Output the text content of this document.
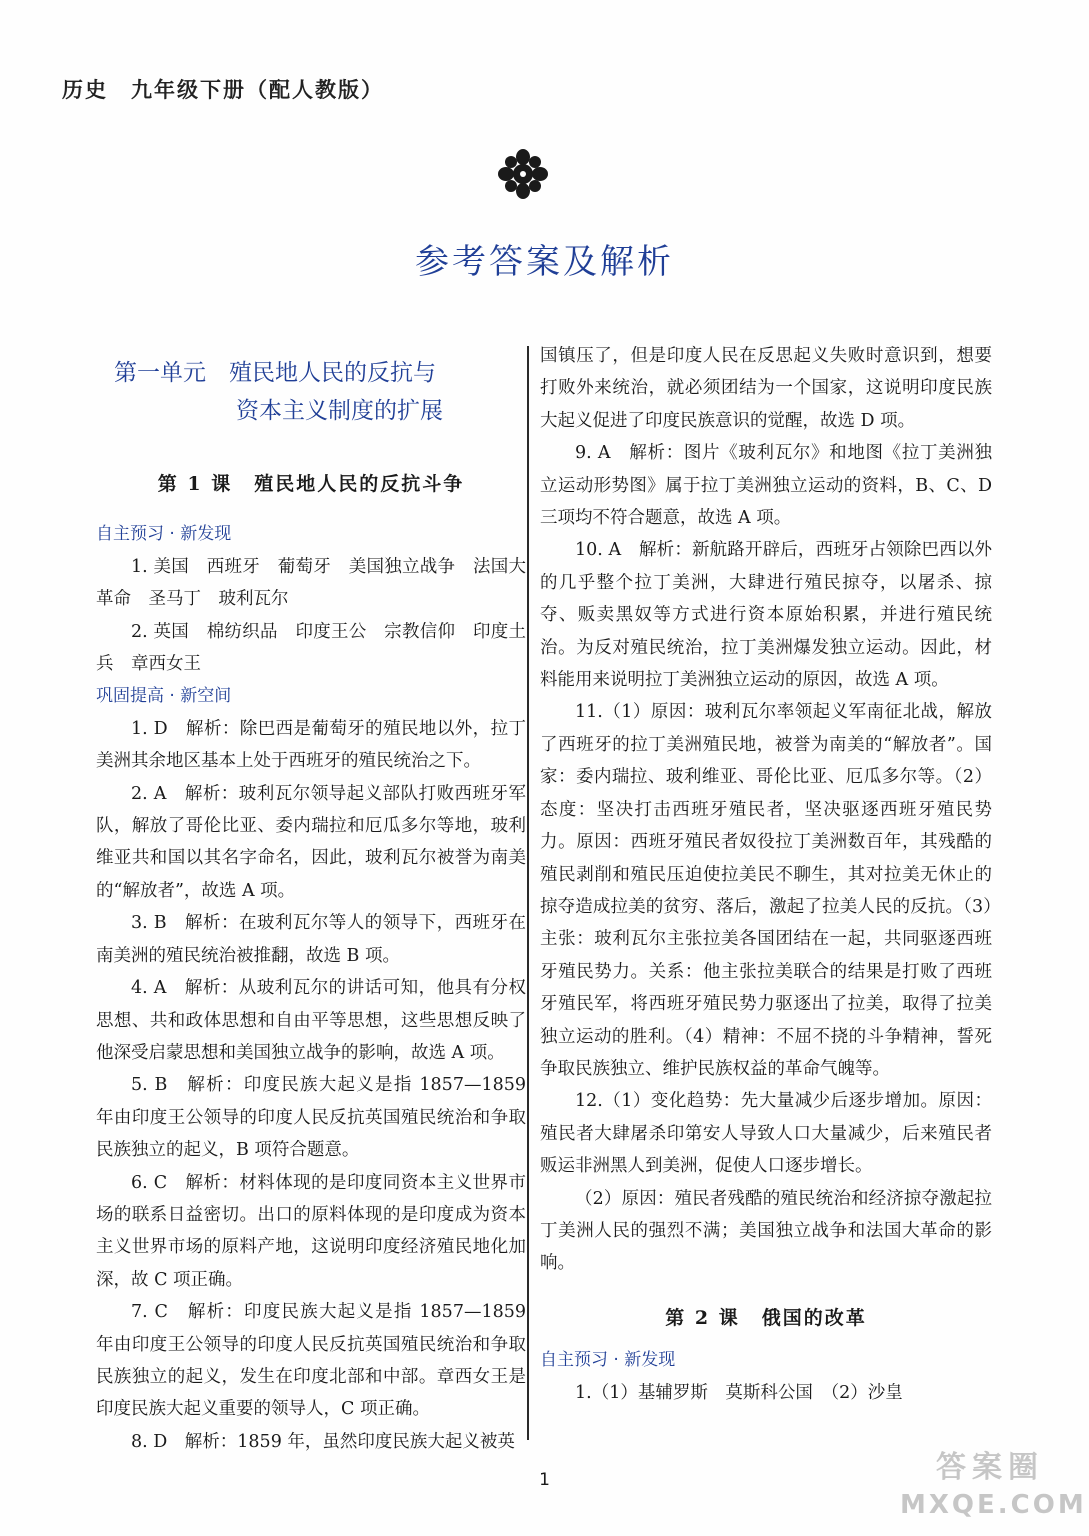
历史　九年级下册（配人教版）
参考答案及解析
第一单元　殖民地人民的反抗与
资本主义制度的扩展
第 1 课 殖民地人民的反抗斗争
自主预习 · 新发现

1. 美国　西班牙　葡萄牙　美国独立战争　法国大革命　圣马丁　玻利瓦尔

2. 英国　棉纺织品　印度王公　宗教信仰　印度土兵　章西女王

巩固提高 · 新空间

1. D　解析：除巴西是葡萄牙的殖民地以外，拉丁美洲其余地区基本上处于西班牙的殖民统治之下。

2. A　解析：玻利瓦尔领导起义部队打败西班牙军队，解放了哥伦比亚、委内瑞拉和厄瓜多尔等地，玻利维亚共和国以其名字命名，因此，玻利瓦尔被誉为南美的“解放者”，故选 A 项。

3. B　解析：在玻利瓦尔等人的领导下，西班牙在南美洲的殖民统治被推翻，故选 B 项。

4. A　解析：从玻利瓦尔的讲话可知，他具有分权思想、共和政体思想和自由平等思想，这些思想反映了他深受启蒙思想和美国独立战争的影响，故选 A 项。

5. B　解析：印度民族大起义是指 1857—1859 年由印度王公领导的印度人民反抗英国殖民统治和争取民族独立的起义，B 项符合题意。

6. C　解析：材料体现的是印度同资本主义世界市场的联系日益密切。出口的原料体现的是印度成为资本主义世界市场的原料产地，这说明印度经济殖民地化加深，故 C 项正确。

7. C　解析：印度民族大起义是指 1857—1859 年由印度王公领导的印度人民反抗英国殖民统治和争取民族独立的起义，发生在印度北部和中部。章西女王是印度民族大起义重要的领导人，C 项正确。

8. D　解析：1859 年，虽然印度民族大起义被英

国镇压了，但是印度人民在反思起义失败时意识到，想要打败外来统治，就必须团结为一个国家，这说明印度民族大起义促进了印度民族意识的觉醒，故选 D 项。

9. A　解析：图片《玻利瓦尔》和地图《拉丁美洲独立运动形势图》属于拉丁美洲独立运动的资料，B、C、D 三项均不符合题意，故选 A 项。

10. A　解析：新航路开辟后，西班牙占领除巴西以外的几乎整个拉丁美洲，大肆进行殖民掠夺，以屠杀、掠夺、贩卖黑奴等方式进行资本原始积累，并进行殖民统治。为反对殖民统治，拉丁美洲爆发独立运动。因此，材料能用来说明拉丁美洲独立运动的原因，故选 A 项。

11.（1）原因：玻利瓦尔率领起义军南征北战，解放了西班牙的拉丁美洲殖民地，被誉为南美的“解放者”。国家：委内瑞拉、玻利维亚、哥伦比亚、厄瓜多尔等。（2）态度：坚决打击西班牙殖民者，坚决驱逐西班牙殖民势力。原因：西班牙殖民者奴役拉丁美洲数百年，其残酷的殖民剥削和殖民压迫使拉美民不聊生，其对拉美无休止的掠夺造成拉美的贫穷、落后，激起了拉美人民的反抗。（3）主张：玻利瓦尔主张拉美各国团结在一起，共同驱逐西班牙殖民势力。关系：他主张拉美联合的结果是打败了西班牙殖民军，将西班牙殖民势力驱逐出了拉美，取得了拉美独立运动的胜利。（4）精神：不屈不挠的斗争精神，誓死争取民族独立、维护民族权益的革命气魄等。

12.（1）变化趋势：先大量减少后逐步增加。原因：殖民者大肆屠杀印第安人导致人口大量减少，后来殖民者贩运非洲黑人到美洲，促使人口逐步增长。

（2）原因：殖民者残酷的殖民统治和经济掠夺激起拉丁美洲人民的强烈不满；美国独立战争和法国大革命的影响。

第 2 课 俄国的改革
自主预习 · 新发现

1.（1）基辅罗斯　莫斯科公国　（2）沙皇

1	答案圈
MXQE.COM
